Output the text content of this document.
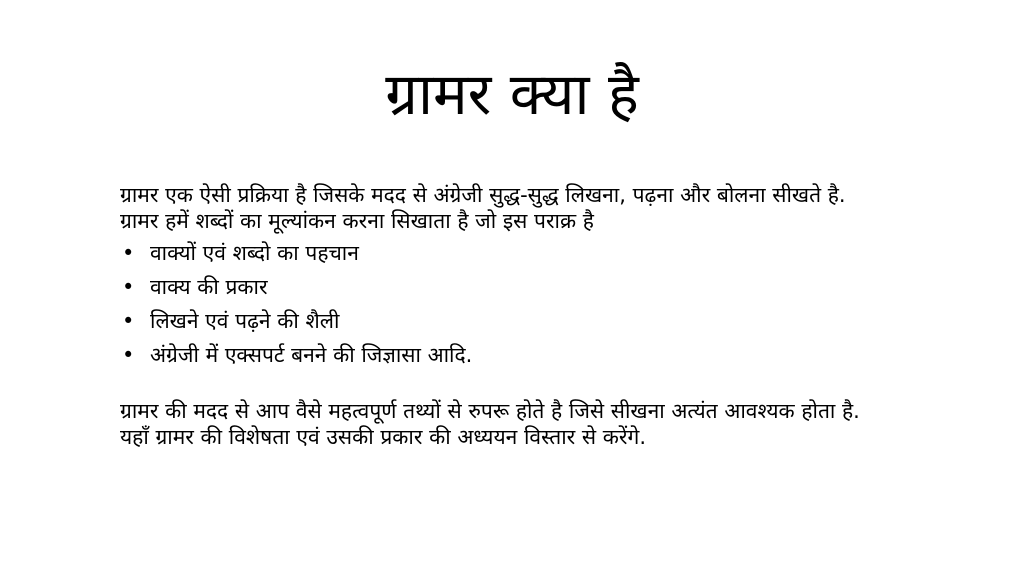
ग्रामर क्या है

ग्रामर एक ऐसी प्रक्रिया है जिसके मदद से अंग्रेजी सुद्ध-सुद्ध लिखना, पढ़ना और बोलना सीखते है. ग्रामर हमें शब्दों का मूल्यांकन करना सिखाता है जो इस पराक्र है

• वाक्यों एवं शब्दो का पहचान
• वाक्य की प्रकार
• लिखने एवं पढ़ने की शैली
• अंग्रेजी में एक्सपर्ट बनने की जिज्ञासा आदि.

ग्रामर की मदद से आप वैसे महत्वपूर्ण तथ्यों से रुपरू होते है जिसे सीखना अत्यंत आवश्यक होता है. यहाँ ग्रामर की विशेषता एवं उसकी प्रकार की अध्ययन विस्तार से करेंगे.
